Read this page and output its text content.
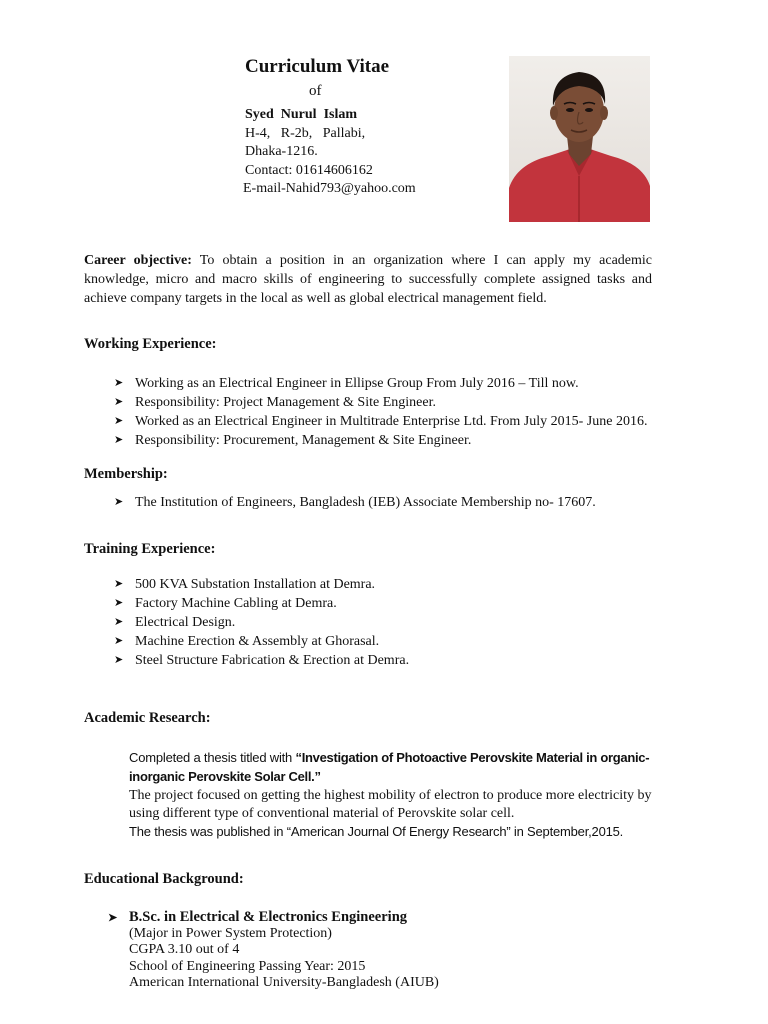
Curriculum Vitae
of
Syed  Nurul  Islam
H-4,   R-2b,   Pallabi,
Dhaka-1216.
Contact: 01614606162
E-mail-Nahid793@yahoo.com
Career objective: To obtain a position in an organization where I can apply my academic knowledge, micro and macro skills of engineering to successfully complete assigned tasks and achieve company targets in the local as well as global electrical management field.
Working Experience:
➤ Working as an Electrical Engineer in Ellipse Group From July 2016 – Till now.
➤ Responsibility: Project Management & Site Engineer.
➤ Worked as an Electrical Engineer in Multitrade Enterprise Ltd. From July 2015- June 2016.
➤ Responsibility: Procurement, Management & Site Engineer.
Membership:
➤ The Institution of Engineers, Bangladesh (IEB) Associate Membership no- 17607.
Training Experience:
➤ 500 KVA Substation Installation at Demra.
➤ Factory Machine Cabling at Demra.
➤ Electrical Design.
➤ Machine Erection & Assembly at Ghorasal.
➤ Steel Structure Fabrication & Erection at Demra.
Academic Research:
Completed a thesis titled with “Investigation of Photoactive Perovskite Material in organic-inorganic Perovskite Solar Cell.”
The project focused on getting the highest mobility of electron to produce more electricity by using different type of conventional material of Perovskite solar cell.
The thesis was published in “American Journal Of Energy Research” in September,2015.
Educational Background:
➤ B.Sc. in Electrical & Electronics Engineering
(Major in Power System Protection)
CGPA 3.10 out of 4
School of Engineering Passing Year: 2015
American International University-Bangladesh (AIUB)
